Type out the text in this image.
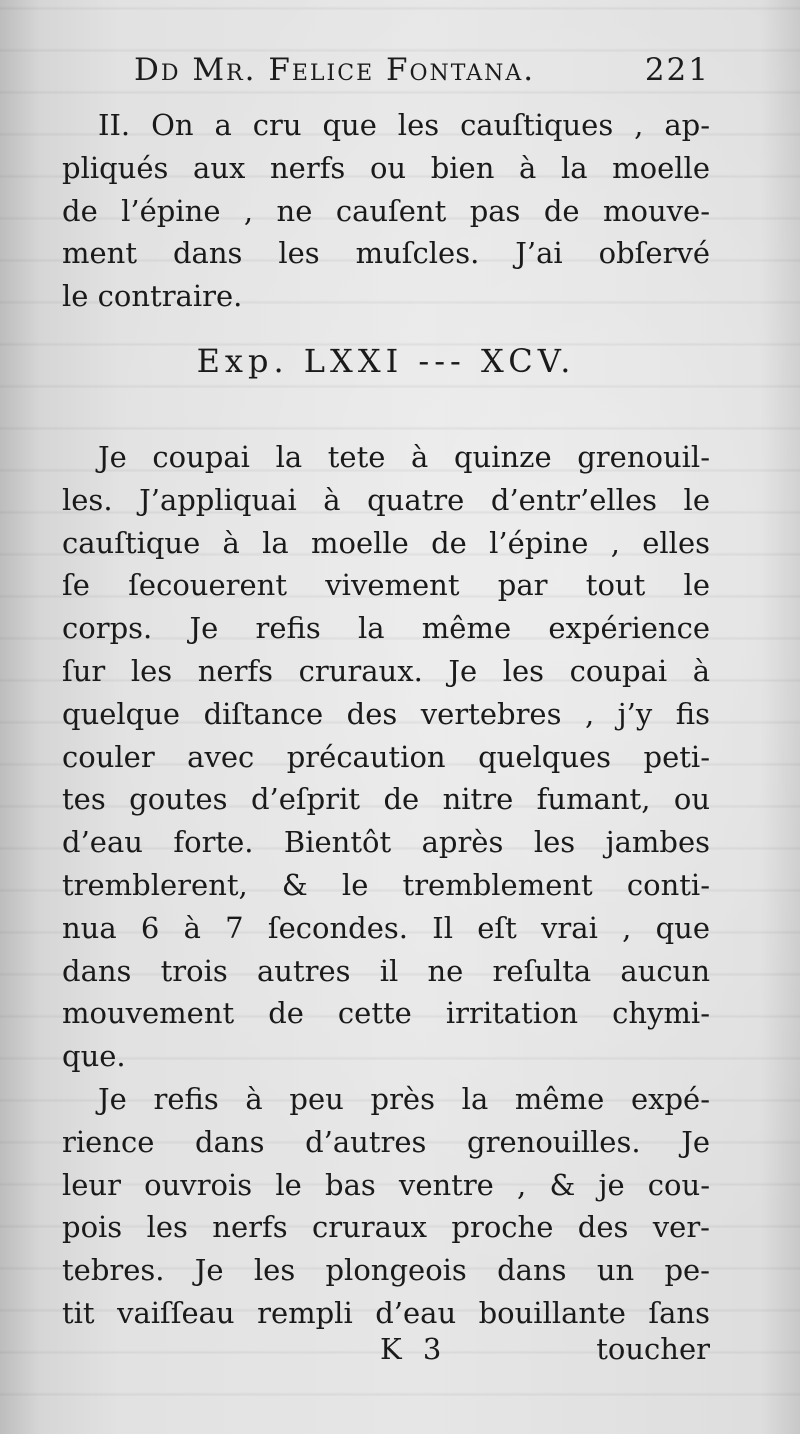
Dd Mr. Felice Fontana.	221
II. On a cru que les cauſtiques , ap-
pliqués aux nerfs ou bien à la moelle
de l’épine , ne cauſent pas de mouve-
ment dans les muſcles. J’ai obſervé
le contraire.
Exp. LXXI --- XCV.
Je coupai la tete à quinze grenouil-
les. J’appliquai à quatre d’entr’elles le
cauſtique à la moelle de l’épine , elles
ſe ſecouerent vivement par tout le
corps. Je refis la même expérience
ſur les nerfs cruraux. Je les coupai à
quelque diſtance des vertebres , j’y fis
couler avec précaution quelques peti-
tes goutes d’eſprit de nitre fumant, ou
d’eau forte. Bientôt après les jambes
tremblerent, & le tremblement conti-
nua 6 à 7 ſecondes. Il eſt vrai , que
dans trois autres il ne reſulta aucun
mouvement de cette irritation chymi-
que.
Je refis à peu près la même expé-
rience dans d’autres grenouilles. Je
leur ouvrois le bas ventre , & je cou-
pois les nerfs cruraux proche des ver-
tebres. Je les plongeois dans un pe-
tit vaiſſeau rempli d’eau bouillante ſans
K 3	toucher
